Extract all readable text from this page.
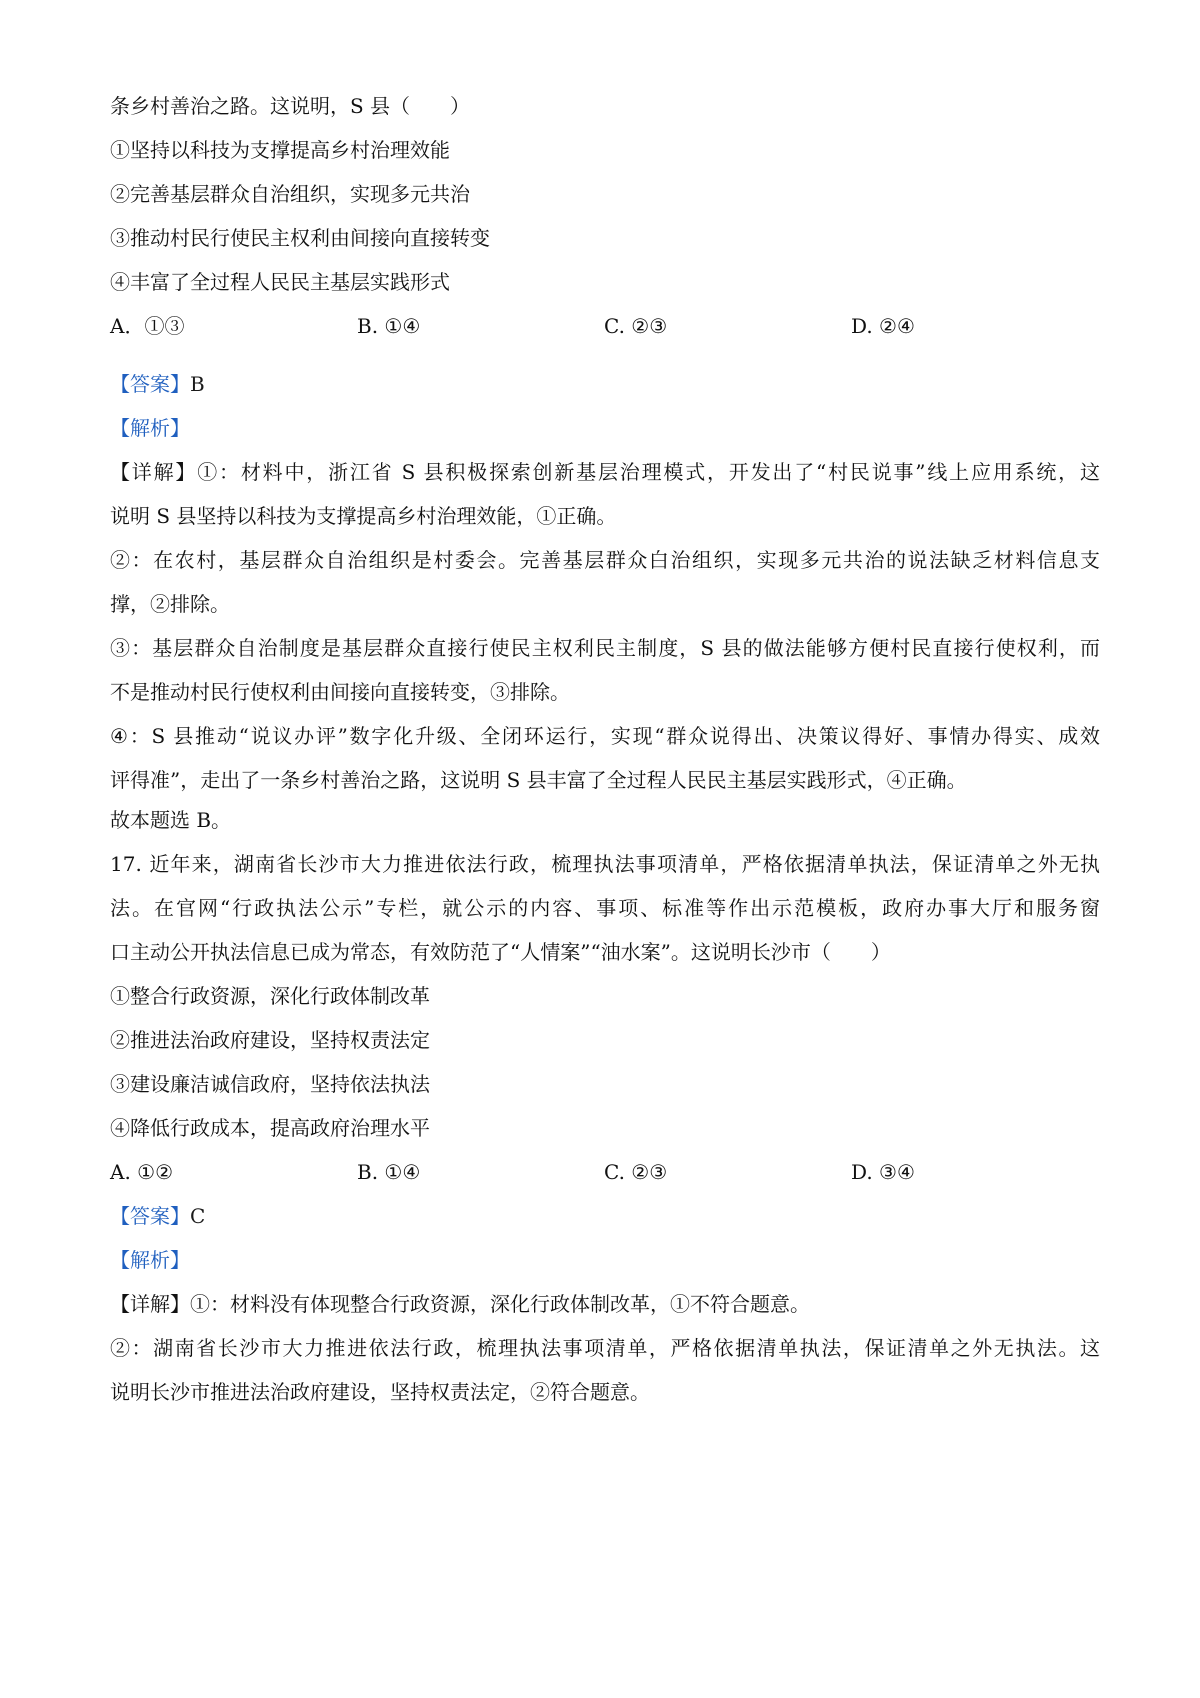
条乡村善治之路。这说明，S 县（　　）
①坚持以科技为支撑提高乡村治理效能
②完善基层群众自治组织，实现多元共治
③推动村民行使民主权利由间接向直接转变
④丰富了全过程人民民主基层实践形式
A．①③	B. ①④	C. ②③	D. ②④
【答案】B
【解析】
【详解】①：材料中，浙江省 S 县积极探索创新基层治理模式，开发出了“村民说事”线上应用系统，这
说明 S 县坚持以科技为支撑提高乡村治理效能，①正确。
②：在农村，基层群众自治组织是村委会。完善基层群众白治组织，实现多元共治的说法缺乏材料信息支
撑，②排除。
③：基层群众自治制度是基层群众直接行使民主权利民主制度，S 县的做法能够方便村民直接行使权利，而
不是推动村民行使权利由间接向直接转变，③排除。
④：S 县推动“说议办评”数字化升级、全闭环运行，实现“群众说得出、决策议得好、事情办得实、成效
评得准”，走出了一条乡村善治之路，这说明 S 县丰富了全过程人民民主基层实践形式，④正确。
故本题选 B。
17. 近年来，湖南省长沙市大力推进依法行政，梳理执法事项清单，严格依据清单执法，保证清单之外无执
法。在官网“行政执法公示”专栏，就公示的内容、事项、标准等作出示范模板，政府办事大厅和服务窗
口主动公开执法信息已成为常态，有效防范了“人情案”“油水案”。这说明长沙市（　　）
①整合行政资源，深化行政体制改革
②推进法治政府建设，坚持权责法定
③建设廉洁诚信政府，坚持依法执法
④降低行政成本，提高政府治理水平
A. ①②	B. ①④	C. ②③	D. ③④
【答案】C
【解析】
【详解】①：材料没有体现整合行政资源，深化行政体制改革，①不符合题意。
②：湖南省长沙市大力推进依法行政，梳理执法事项清单，严格依据清单执法，保证清单之外无执法。这
说明长沙市推进法治政府建设，坚持权责法定，②符合题意。
